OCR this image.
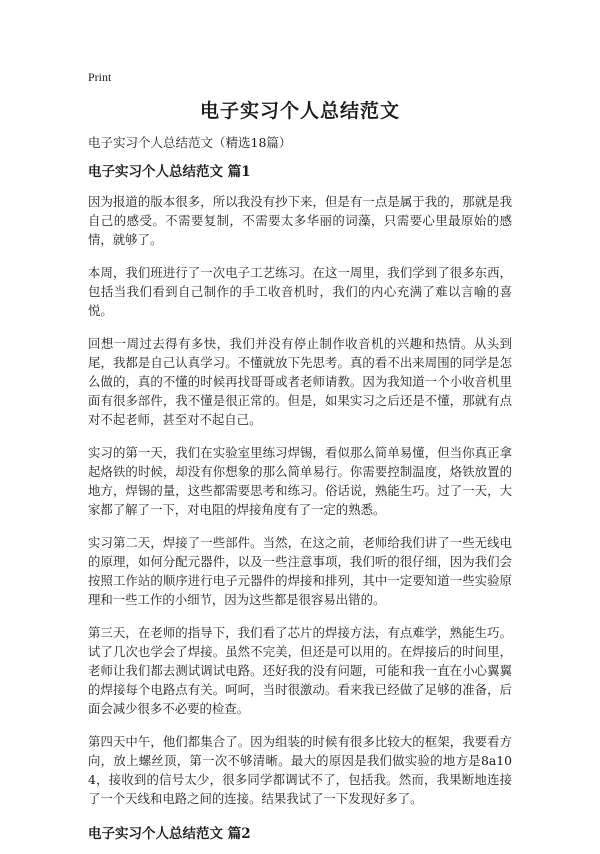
Print
电子实习个人总结范文
电子实习个人总结范文（精选18篇）
电子实习个人总结范文 篇1

因为报道的版本很多，所以我没有抄下来，但是有一点是属于我的，那就是我自己的感受。不需要复制，不需要太多华丽的词藻，只需要心里最原始的感情，就够了。

本周，我们班进行了一次电子工艺练习。在这一周里，我们学到了很多东西，包括当我们看到自己制作的手工收音机时，我们的内心充满了难以言喻的喜悦。

回想一周过去得有多快，我们并没有停止制作收音机的兴趣和热情。从头到尾，我都是自己认真学习。不懂就放下先思考。真的看不出来周围的同学是怎么做的，真的不懂的时候再找哥哥或者老师请教。因为我知道一个小收音机里面有很多部件，我不懂是很正常的。但是，如果实习之后还是不懂，那就有点对不起老师，甚至对不起自己。

实习的第一天，我们在实验室里练习焊锡，看似那么简单易懂，但当你真正拿起烙铁的时候，却没有你想象的那么简单易行。你需要控制温度，烙铁放置的地方，焊锡的量，这些都需要思考和练习。俗话说，熟能生巧。过了一天，大家都了解了一下，对电阻的焊接角度有了一定的熟悉。

实习第二天，焊接了一些部件。当然，在这之前，老师给我们讲了一些无线电的原理，如何分配元器件，以及一些注意事项，我们听的很仔细，因为我们会按照工作站的顺序进行电子元器件的焊接和排列，其中一定要知道一些实验原理和一些工作的小细节，因为这些都是很容易出错的。

第三天，在老师的指导下，我们看了芯片的焊接方法，有点难学，熟能生巧。试了几次也学会了焊接。虽然不完美，但还是可以用的。在焊接后的时间里，老师让我们都去测试调试电路。还好我的没有问题，可能和我一直在小心翼翼的焊接每个电路点有关。呵呵，当时很激动。看来我已经做了足够的准备，后面会减少很多不必要的检查。

第四天中午，他们都集合了。因为组装的时候有很多比较大的框架，我要看方向，放上螺丝顶，第一次不够清晰。最大的原因是我们做实验的地方是8a104，接收到的信号太少，很多同学都调试不了，包括我。然而，我果断地连接了一个天线和电路之间的连接。结果我试了一下发现好多了。

电子实习个人总结范文 篇2
